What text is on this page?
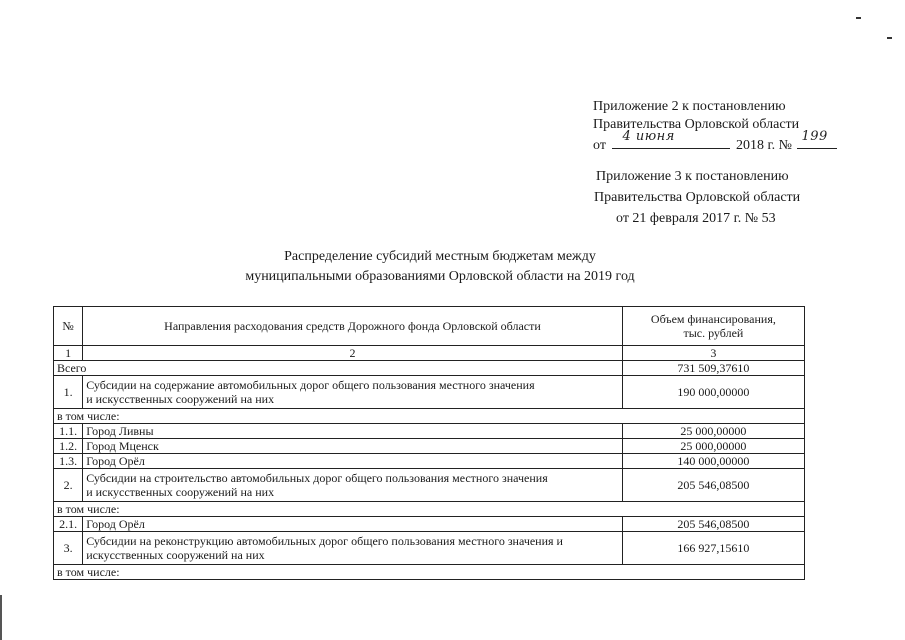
Приложение 2 к постановлению
Правительства Орловской области
от
4 июня
2018 г. №
199
Приложение 3 к постановлению
Правительства Орловской области
от 21 февраля 2017 г. № 53
Распределение субсидий местным бюджетам между
муниципальными образованиями Орловской области на 2019 год
№	Направления расходования средств Дорожного фонда Орловской области	Объем финансирования,
тыс. рублей

1	2	3
Всего		731 509,37610
1.	Субсидии на содержание автомобильных дорог общего пользования местного значения
и искусственных сооружений на них	190 000,00000
в том числе:		
1.1.	Город Ливны	25 000,00000
1.2.	Город Мценск	25 000,00000
1.3.	Город Орёл	140 000,00000
2.	Субсидии на строительство автомобильных дорог общего пользования местного значения
и искусственных сооружений на них	205 546,08500
в том числе:		
2.1.	Город Орёл	205 546,08500
3.	Субсидии на реконструкцию автомобильных дорог общего пользования местного значения и
искусственных сооружений на них	166 927,15610
в том числе:		
